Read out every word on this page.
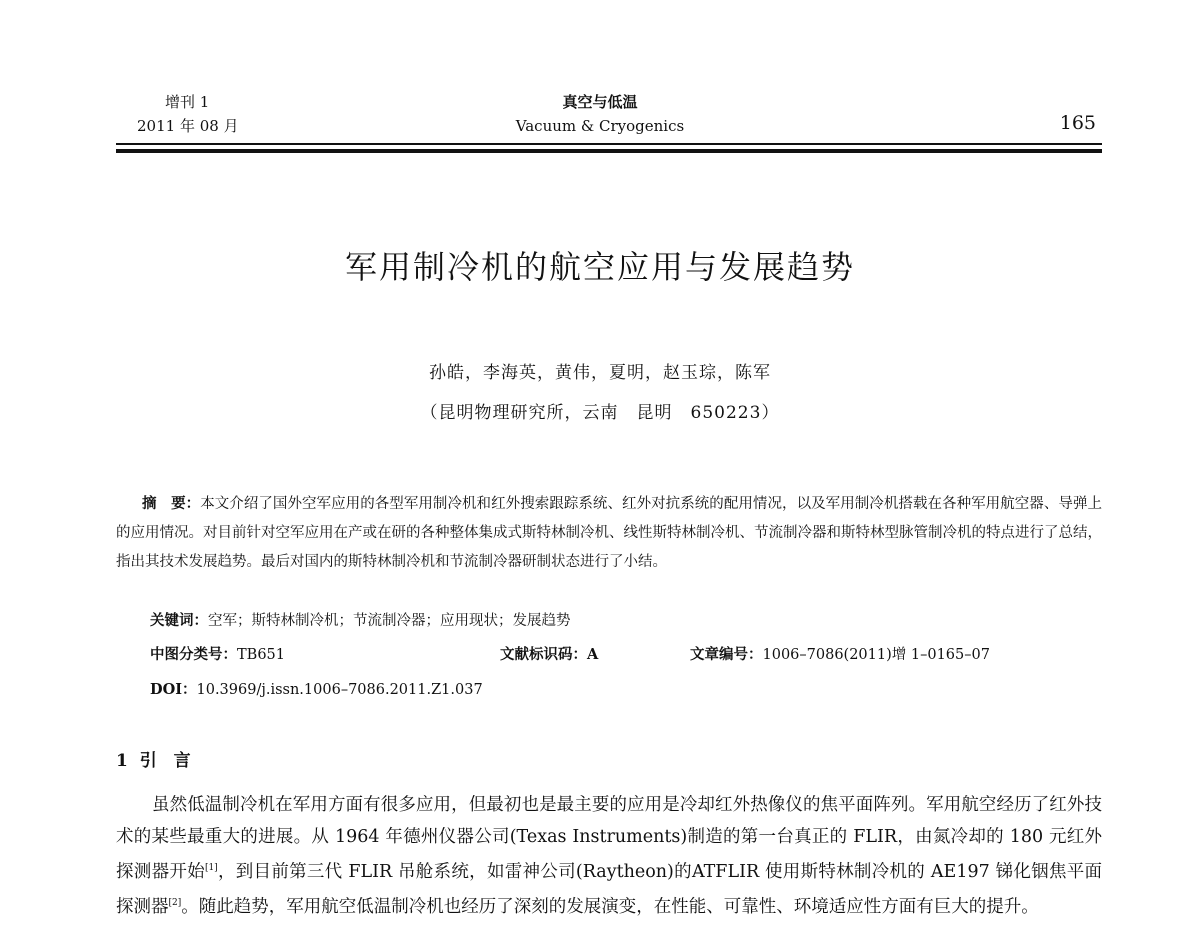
增刊 1
2011 年 08 月
真空与低温
Vacuum & Cryogenics	165
军用制冷机的航空应用与发展趋势
孙皓，李海英，黄伟，夏明，赵玉琮，陈军
（昆明物理研究所，云南　昆明　650223）
摘　要：本文介绍了国外空军应用的各型军用制冷机和红外搜索跟踪系统、红外对抗系统的配用情况，以及军用制冷机搭载在各种军用航空器、导弹上的应用情况。对目前针对空军应用在产或在研的各种整体集成式斯特林制冷机、线性斯特林制冷机、节流制冷器和斯特林型脉管制冷机的特点进行了总结，指出其技术发展趋势。最后对国内的斯特林制冷机和节流制冷器研制状态进行了小结。
关键词：空军；斯特林制冷机；节流制冷器；应用现状；发展趋势
中图分类号：TB651	文献标识码：A	文章编号：1006–7086(2011)增 1–0165–07
DOI：10.3969/j.issn.1006–7086.2011.Z1.037
1 引　言
虽然低温制冷机在军用方面有很多应用，但最初也是最主要的应用是冷却红外热像仪的焦平面阵列。军用航空经历了红外技术的某些最重大的进展。从 1964 年德州仪器公司(Texas Instruments)制造的第一台真正的 FLIR，由氮冷却的 180 元红外探测器开始[1]，到目前第三代 FLIR 吊舱系统，如雷神公司(Raytheon)的ATFLIR 使用斯特林制冷机的 AE197 锑化铟焦平面探测器[2]。随此趋势，军用航空低温制冷机也经历了深刻的发展演变，在性能、可靠性、环境适应性方面有巨大的提升。
